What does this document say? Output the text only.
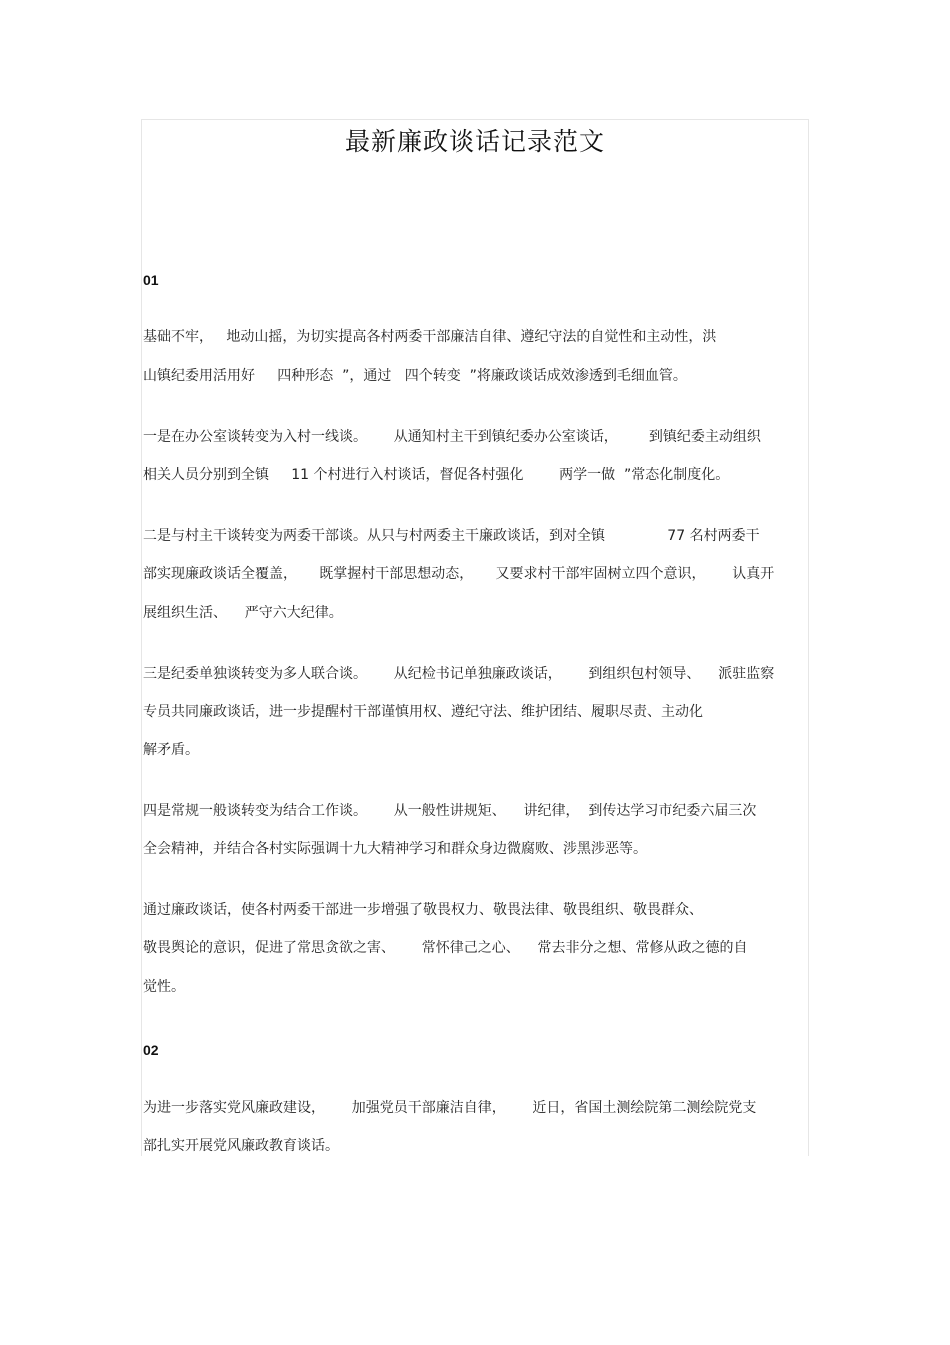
最新廉政谈话记录范文
01
基础不牢，   地动山摇，为切实提高各村两委干部廉洁自律、遵纪守法的自觉性和主动性，洪
山镇纪委用活用好     四种形态  ”，通过   四个转变  ”将廉政谈话成效渗透到毛细血管。
一是在办公室谈转变为入村一线谈。      从通知村主干到镇纪委办公室谈话，       到镇纪委主动组织
相关人员分别到全镇     11 个村进行入村谈话，督促各村强化        两学一做  ”常态化制度化。
二是与村主干谈转变为两委干部谈。从只与村两委主干廉政谈话，到对全镇              77 名村两委干
部实现廉政谈话全覆盖，     既掌握村干部思想动态，     又要求村干部牢固树立四个意识，      认真开
展组织生活、    严守六大纪律。
三是纪委单独谈转变为多人联合谈。      从纪检书记单独廉政谈话，      到组织包村领导、    派驻监察
专员共同廉政谈话，进一步提醒村干部谨慎用权、遵纪守法、维护团结、履职尽责、主动化
解矛盾。
四是常规一般谈转变为结合工作谈。      从一般性讲规矩、    讲纪律，  到传达学习市纪委六届三次
全会精神，并结合各村实际强调十九大精神学习和群众身边微腐败、涉黑涉恶等。
通过廉政谈话，使各村两委干部进一步增强了敬畏权力、敬畏法律、敬畏组织、敬畏群众、
敬畏舆论的意识，促进了常思贪欲之害、      常怀律己之心、    常去非分之想、常修从政之德的自
觉性。
02
为进一步落实党风廉政建设，      加强党员干部廉洁自律，      近日，省国土测绘院第二测绘院党支
部扎实开展党风廉政教育谈话。
